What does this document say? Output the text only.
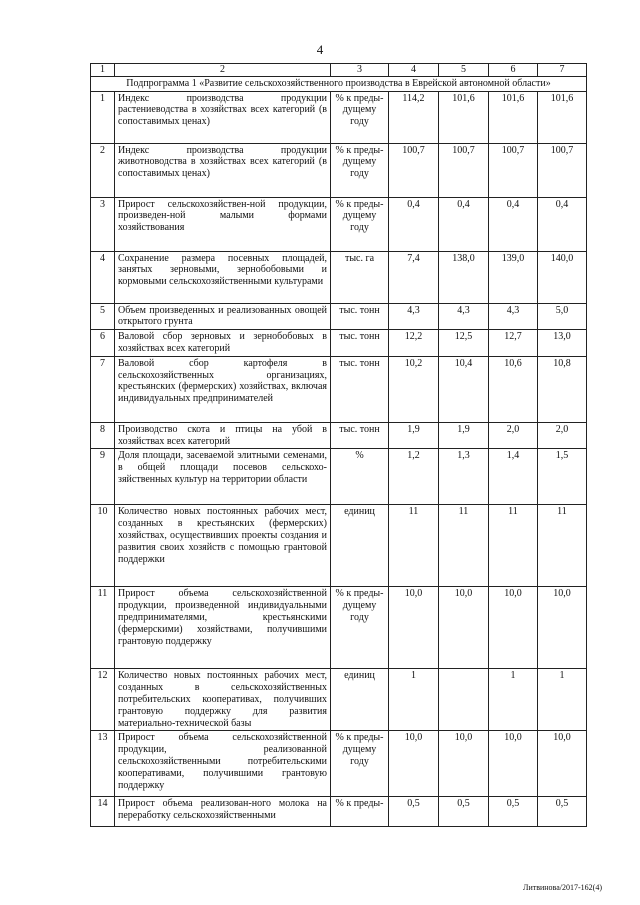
4
1	2	3	4	5	6	7
Подпрограмма 1 «Развитие сельскохозяйственного производства в Еврейской автономной области»						
1	Индекс производства продукции растениеводства в хозяйствах всех категорий (в сопоставимых ценах)	% к преды-дущему году	114,2	101,6	101,6	101,6
2	Индекс производства продукции животноводства в хозяйствах всех категорий (в сопоставимых ценах)	% к преды-дущему году	100,7	100,7	100,7	100,7
3	Прирост сельскохозяйствен-ной продукции, произведен-ной малыми формами хозяйствования	% к преды-дущему году	0,4	0,4	0,4	0,4
4	Сохранение размера посевных площадей, занятых зерновыми, зернобобовыми и кормовыми сельскохозяйственными культурами	тыс. га	7,4	138,0	139,0	140,0
5	Объем произведенных и реализованных овощей открытого грунта	тыс. тонн	4,3	4,3	4,3	5,0
6	Валовой сбор зерновых и зернобобовых в хозяйствах всех категорий	тыс. тонн	12,2	12,5	12,7	13,0
7	Валовой сбор картофеля в сельскохозяйственных организациях, крестьянских (фермерских) хозяйствах, включая индивидуальных предпринимателей	тыс. тонн	10,2	10,4	10,6	10,8
8	Производство скота и птицы на убой в хозяйствах всех категорий	тыс. тонн	1,9	1,9	2,0	2,0
9	Доля площади, засеваемой элитными семенами, в общей площади посевов сельскохо-зяйственных культур на территории области	%	1,2	1,3	1,4	1,5
10	Количество новых постоянных рабочих мест, созданных в крестьянских (фермерских) хозяйствах, осуществивших проекты создания и развития своих хозяйств с помощью грантовой поддержки	единиц	11	11	11	11
11	Прирост объема сельскохозяйственной продукции, произведенной индивидуальными предпринимателями, крестьянскими (фермерскими) хозяйствами, получившими грантовую поддержку	% к преды-дущему году	10,0	10,0	10,0	10,0
12	Количество новых постоянных рабочих мест, созданных в сельскохозяйственных потребительских кооперативах, получивших грантовую поддержку для развития материально-технической базы	единиц	1		1	1
13	Прирост объема сельскохозяйственной продукции, реализованной сельскохозяйственными потребительскими кооперативами, получившими грантовую поддержку	% к преды-дущему году	10,0	10,0	10,0	10,0
14	Прирост объема реализован-ного молока на переработку сельскохозяйственными	% к преды-	0,5	0,5	0,5	0,5
Литвинова/2017-162(4)
